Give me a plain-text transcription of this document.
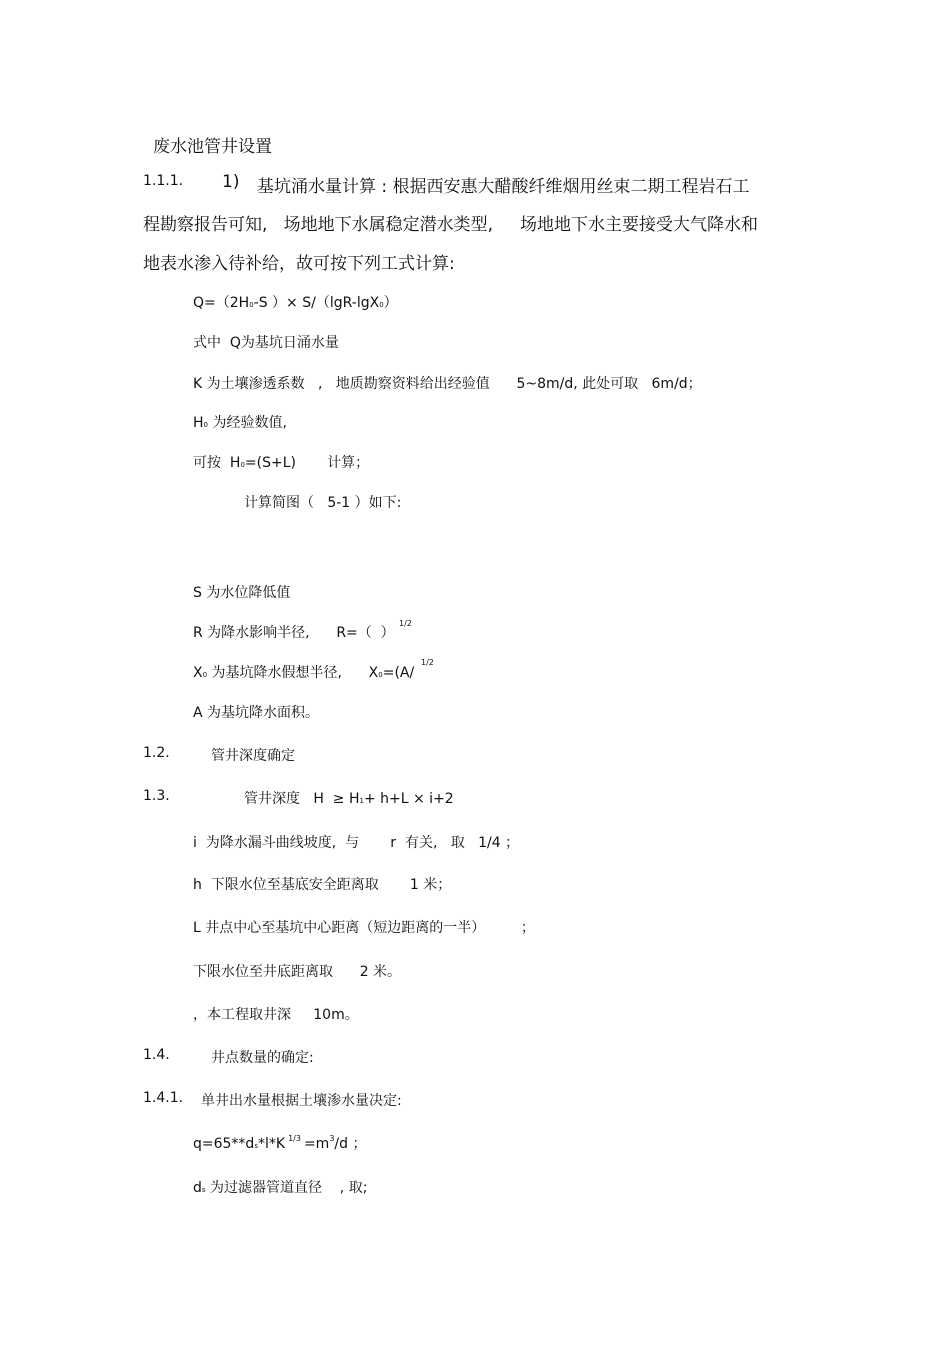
废水池管井设置
1.1.1. 1) 基坑涌水量计算 : 根据西安惠大醋酸纤维烟用丝束二期工程岩石工
程勘察报告可知,   场地地下水属稳定潜水类型,     场地地下水主要接受大气降水和
地表水渗入待补给，故可按下列工式计算:
Q=（2H0-S ）× S/（lgR-lgX0）
式中  Q为基坑日涌水量
K 为土壤渗透系数   ,   地质勘察资料给出经验值      5~8m/d, 此处可取   6m/d；
H0 为经验数值,
可按  H0=(S+L)       计算；
计算简图（   5-1 ）如下:
S 为水位降低值
R 为降水影响半径,      R=（  ）
1/2
X0 为基坑降水假想半径,      X0=(A/
1/2
A 为基坑降水面积。
1.2.	管井深度确定
1.3.	管井深度   H  ≥ H1+ h+L × i+2
i  为降水漏斗曲线坡度,  与       r  有关,   取   1/4 ；
h  下限水位至基底安全距离取       1 米；
L 井点中心至基坑中心距离（短边距离的一半）        ；
下限水位至井底距离取      2 米。
，本工程取井深     10m。
1.4.	井点数量的确定:
1.4.1. 单井出水量根据土壤渗水量决定:
q=65**ds*l*K $^{1/3} =m^3/d$ ；
ds 为过滤器管道直径    , 取;
